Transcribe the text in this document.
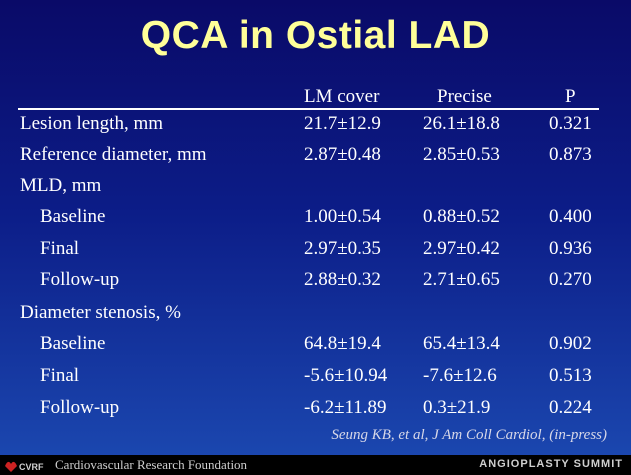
QCA in Ostial LAD
LM cover	Precise	P
Lesion length, mm	21.7±12.9 26.1±18.8	0.321
Reference diameter, mm	2.87±0.48 2.85±0.53	0.873
MLD, mm
Baseline	1.00±0.54 0.88±0.52	0.400
Final	2.97±0.35 2.97±0.42	0.936
Follow-up	2.88±0.32 2.71±0.65	0.270
Diameter stenosis, %
Baseline	64.8±19.4 65.4±13.4	0.902
Final	-5.6±10.94 -7.6±12.6	0.513
Follow-up	-6.2±11.89 0.3±21.9	0.224
Seung KB, et al, J Am Coll Cardiol, (in-press)
CVRF Cardiovascular Research Foundation	ANGIOPLASTY SUMMIT
